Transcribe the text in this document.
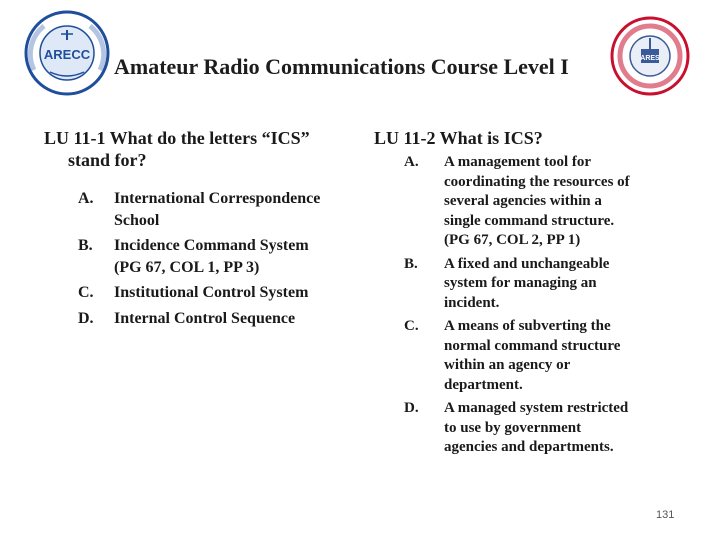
ARECC Amateur Radio Communications Course Level I	ARES

LU 11-1 What do the letters “ICS”
stand for?

A.	International Correspondence
School
B.	Incidence Command System
(PG 67, COL 1, PP 3)
C.	Institutional Control System
D.	Internal Control Sequence

LU 11-2 What is ICS?

A.	A management tool for
coordinating the resources of
several agencies within a
single command structure.
(PG 67, COL 2, PP 1)
B.	A fixed and unchangeable
system for managing an
incident.
C.	A means of subverting the
normal command structure
within an agency or
department.
D.	A managed system restricted
to use by government
agencies and departments.
131
